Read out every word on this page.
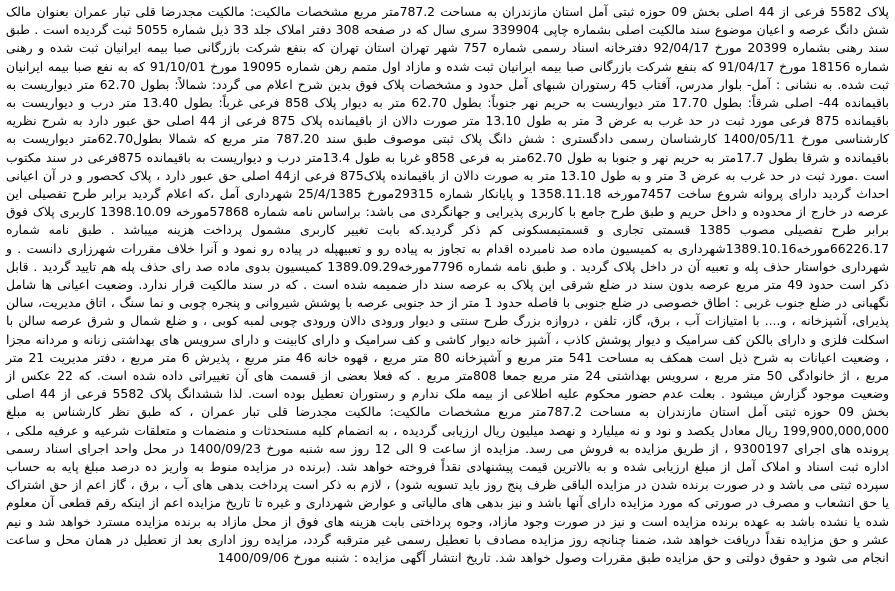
پلاک 5582 فرعی از 44 اصلی بخش 09 حوزه ثبتی آمل استان مازندران به مساحت 787.2متر مربع مشخصات مالکیت: مالکیت مجدرضا قلی تبار عمران بعنوان مالک شش دانگ عرصه و اعیان موضوع سند مالکیت اصلی بشماره چاپی 339904 سری سال که در صفحه 308 دفتر املاک جلد 33 ذیل شماره 5055 ثبت گردیده است . طبق سند رهنی بشماره 20399 مورخ 92/04/17 دفترخانه اسناد رسمی شماره 757 شهر تهران استان تهران که بنفع شرکت بازرگانی صبا بیمه ایرانیان ثبت شده و رهنی شماره 18156 مورخ 91/04/17 که بنفع شرکت بازرگانی صبا بیمه ایرانیان ثبت شده و مازاد اول متمم رهن شماره 19095 مورخ 91/10/01 که به نفع صبا بیمه ایرانیان ثبت شده. به نشانی : آمل- بلوار مدرس، آفتاب 45 رستوران شبهای آمل حدود و مشخصات پلاک فوق بدین شرح اعلام می گردد: شمالاً: بطول 62.70 متر دیواریست به باقیمانده 44- اصلی شرقاً: بطول 17.70 متر دیواریست به حریم نهر جنوباً: بطول 62.70 متر به دیوار پلاک 858 فرعی غرباً: بطول 13.40 متر درب و دیواریست به باقیمانده 875 فرعی مورد ثبت در حد غرب به عرض 3 متر به طول 13.10 متر صورت دالان از باقیمانده پلاک 875 فرعی از 44 اصلی حق عبور دارد به شرح نظریه کارشناسی مورخ 1400/05/11 کارشناسان رسمی دادگستری : شش دانگ پلاک ثبتی موصوف طبق سند 787.20 متر مربع که شمالا بطول62.70متر دیواریست به باقیمانده و شرقا بطول 17.7متر به حریم نهر و جنوبا به طول 62.70متر به فرعی 858و غربا به طول 13.4متر درب و دیواریست به باقیمانده 875فرعی در سند مکتوب است .مورد ثبت در حد غرب به عرض 3 متر و به طول 13.10 متر به صورت دالان از باقیمانده پلاک875 فرعی از44 اصلی حق عبور دارد ، پلاک کحصور و در آن اعیانی احداث گردید دارای پروانه شروع ساخت 7457مورخه 1358.11.18 و پایانکار شماره 29315مورخ 25/4/1385 شهرداری آمل ،که اعلام گردید برابر طرح تفصیلی این عرصه در خارج از محدوده و داخل حریم و طبق طرح جامع با کاربری پذیرایی و جهانگردی می باشد: براساس نامه شماره 57868مورخه 1398.10.09 کاربری پلاک فوق برابر طرح تفصیلی مصوب 1385 قسمتی تجاری و قسمتیمسکونی کم ذکر گردید.که بابت تغییر کاربری مشمول پرداخت هزینه میباشد . طبق نامه شماره 66226.17مورخه1389.10.16شهرداری به کمیسیون ماده صد نامبرده اقدام به تجاوز به پیاده رو و تعبیهپله در پیاده رو نمود و آنرا خلاف مقررات شهرزاری دانست . و شهرداری خواستار حذف پله و تعبیه آن در داخل پلاک گردید . و طبق نامه شماره 7796مورخه1389.09.29 کمیسیون بدوی ماده صد رای حذف پله هم تایید گردید . قابل ذکر است حدود 49 متر مربع عرصه بدون سند در ضلع شرقی این پلاک به عرصه سند دار ضمیمه شده است . که در سند مالکیت قرار ندارد. وضعیت اعیانی ها شامل نگهبانی در ضلع جنوب غربی : اطاق خصوصی در ضلع جنوبی با فاصله حدود 1 متر از حد جنوبی عرصه با پوشش شیروانی و پنجره چوبی و نما سنگ ، اتاق مدیریت، سالن پذیرای، آشپزخانه ، و.... با امتیازات آب ، برق، گاز، تلفن ، دروازه بزرگ طرح سنتی و دیوار ورودی دالان ورودی چوبی لمبه کوبی ، و ضلع شمال و شرق عرصه سالن با اسکلت فلزی و دارای بالکن کف سرامیک و دیوار پوشش کاذب ، آشپز خانه دیوار کاشی و کف سرامیک و دارای کابینت و دارای سرویس های بهداشتی زنانه و مردانه مجزا ، وضعیت اعیانات به شرح ذیل است همکف به مساحت 541 متر مربع و آشپزخانه 80 متر مربع ، قهوه خانه 46 متر مربع ، پذیرش 6 متر مربع ، دفتر مدیریت 21 متر مربع ، اژ خانوادگی 50 متر مربع ، سرویس بهداشتی 24 متر مربع جمعا 808متر مربع . که فعلا بعضی از قسمت های آن تغییراتی داده شده است. که 22 عکس از وضعیت موجود گزارش میشود . بعلت عدم حضور محکوم علیه اطلاعی از بیمه ملک ندارم و رستوران تعطیل بوده است. لذا ششدانگ پلاک 5582 فرعی از 44 اصلی بخش 09 حوزه ثبتی آمل استان مازندران به مساحت 787.2متر مربع مشخصات مالکیت: مالکیت مجدرضا قلی تبار عمران ، که طبق نظر کارشناس به مبلغ 199,900,000,000 ریال معادل یکصد و نود و نه میلیارد و نهصد میلیون ریال ارزیابی گردیده ، به انضمام کلیه مستحدثات و منضمات و متعلقات شرعیه و عرفیه ملکی ، پرونده های اجرای 9300197 ، از طریق مزایده به فروش می رسد. مزایده از ساعت 9 الی 12 روز سه شنبه مورخ 1400/09/23 در محل واحد اجرای اسناد رسمی اداره ثبت اسناد و املاک آمل از مبلغ ارزیابی شده و به بالاترین قیمت پیشنهادی نقداً فروخته خواهد شد. (برنده در مزایده منوط به واریز ده درصد مبلغ پایه به حساب سپرده ثبتی می باشد و در صورت برنده شدن در مزایده الباقی ظرف پنج روز باید تسویه شود) ، لازم به ذکر است پرداخت بدهی های آب ، برق ، گاز اعم از حق اشتراک یا حق انشعاب و مصرف در صورتی که مورد مزایده دارای آنها باشد و نیز بدهی های مالیاتی و عوارض شهرداری و غیره تا تاریخ مزایده اعم از اینکه رقم قطعی آن معلوم شده یا نشده باشد به عهده برنده مزایده است و نیز در صورت وجود مازاد، وجوه پرداختی بابت هزینه های فوق از محل مازاد به برنده مزایده مسترد خواهد شد و نیم عشر و حق مزایده نقداً دریافت خواهد شد، ضمنا چنانچه روز مزایده مصادف با تعطیل رسمی غیر مترقبه گردد، مزایده روز اداری بعد از تعطیل در همان محل و ساعت انجام می شود و حقوق دولتی و حق مزایده طبق مقررات وصول خواهد شد. تاریخ انتشار آگهی مزایده : شنبه مورخ 1400/09/06
